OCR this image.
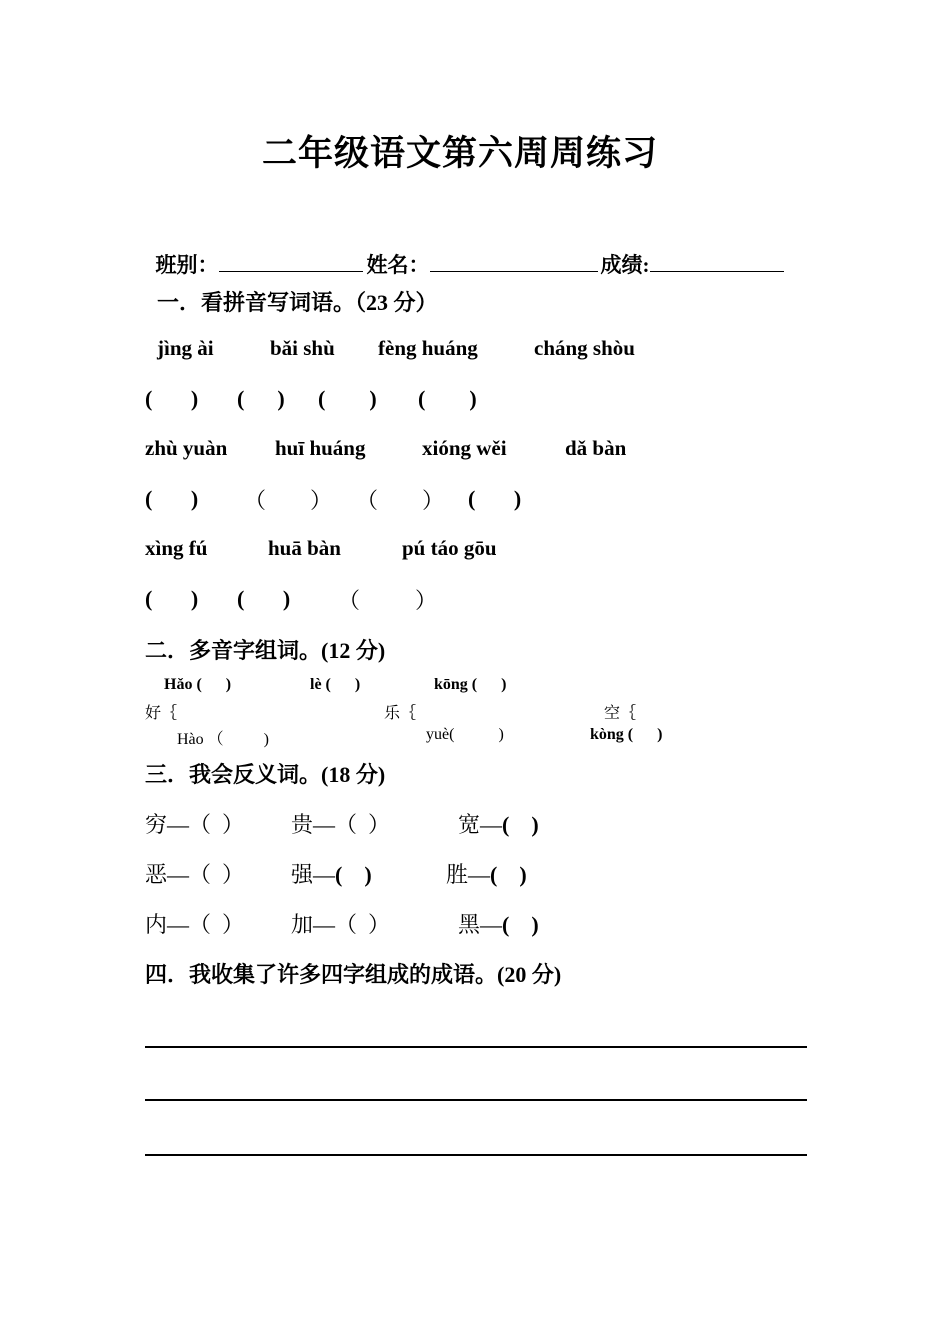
二年级语文第六周周练习

班别：	姓名：	成绩:

一．看拼音写词语。（23 分）
jìng ài	bǎi shù fèng huáng	cháng shòu
(       ) (      ) (        ) (        )
zhù yuàn huī huáng	xióng wěi	dǎ bàn
(       ) （        ） （        ） (       )
xìng fú	huā bàn	pú táo gōu
(       ) (       ) （          ）
二．多音字组词。(12 分)
Hǎo (      )
好｛
Hào （          )
lè (      )
乐｛
yuè(           )
kōng (      )
空｛
kòng (      )
三．我会反义词。(18 分)
穷—（  ） 贵—（  ）	宽—(    )
恶—（  ） 强—(    )	胜—(    )
内—（  ） 加—（  ）	黑—(    )
四．我收集了许多四字组成的成语。(20 分)
